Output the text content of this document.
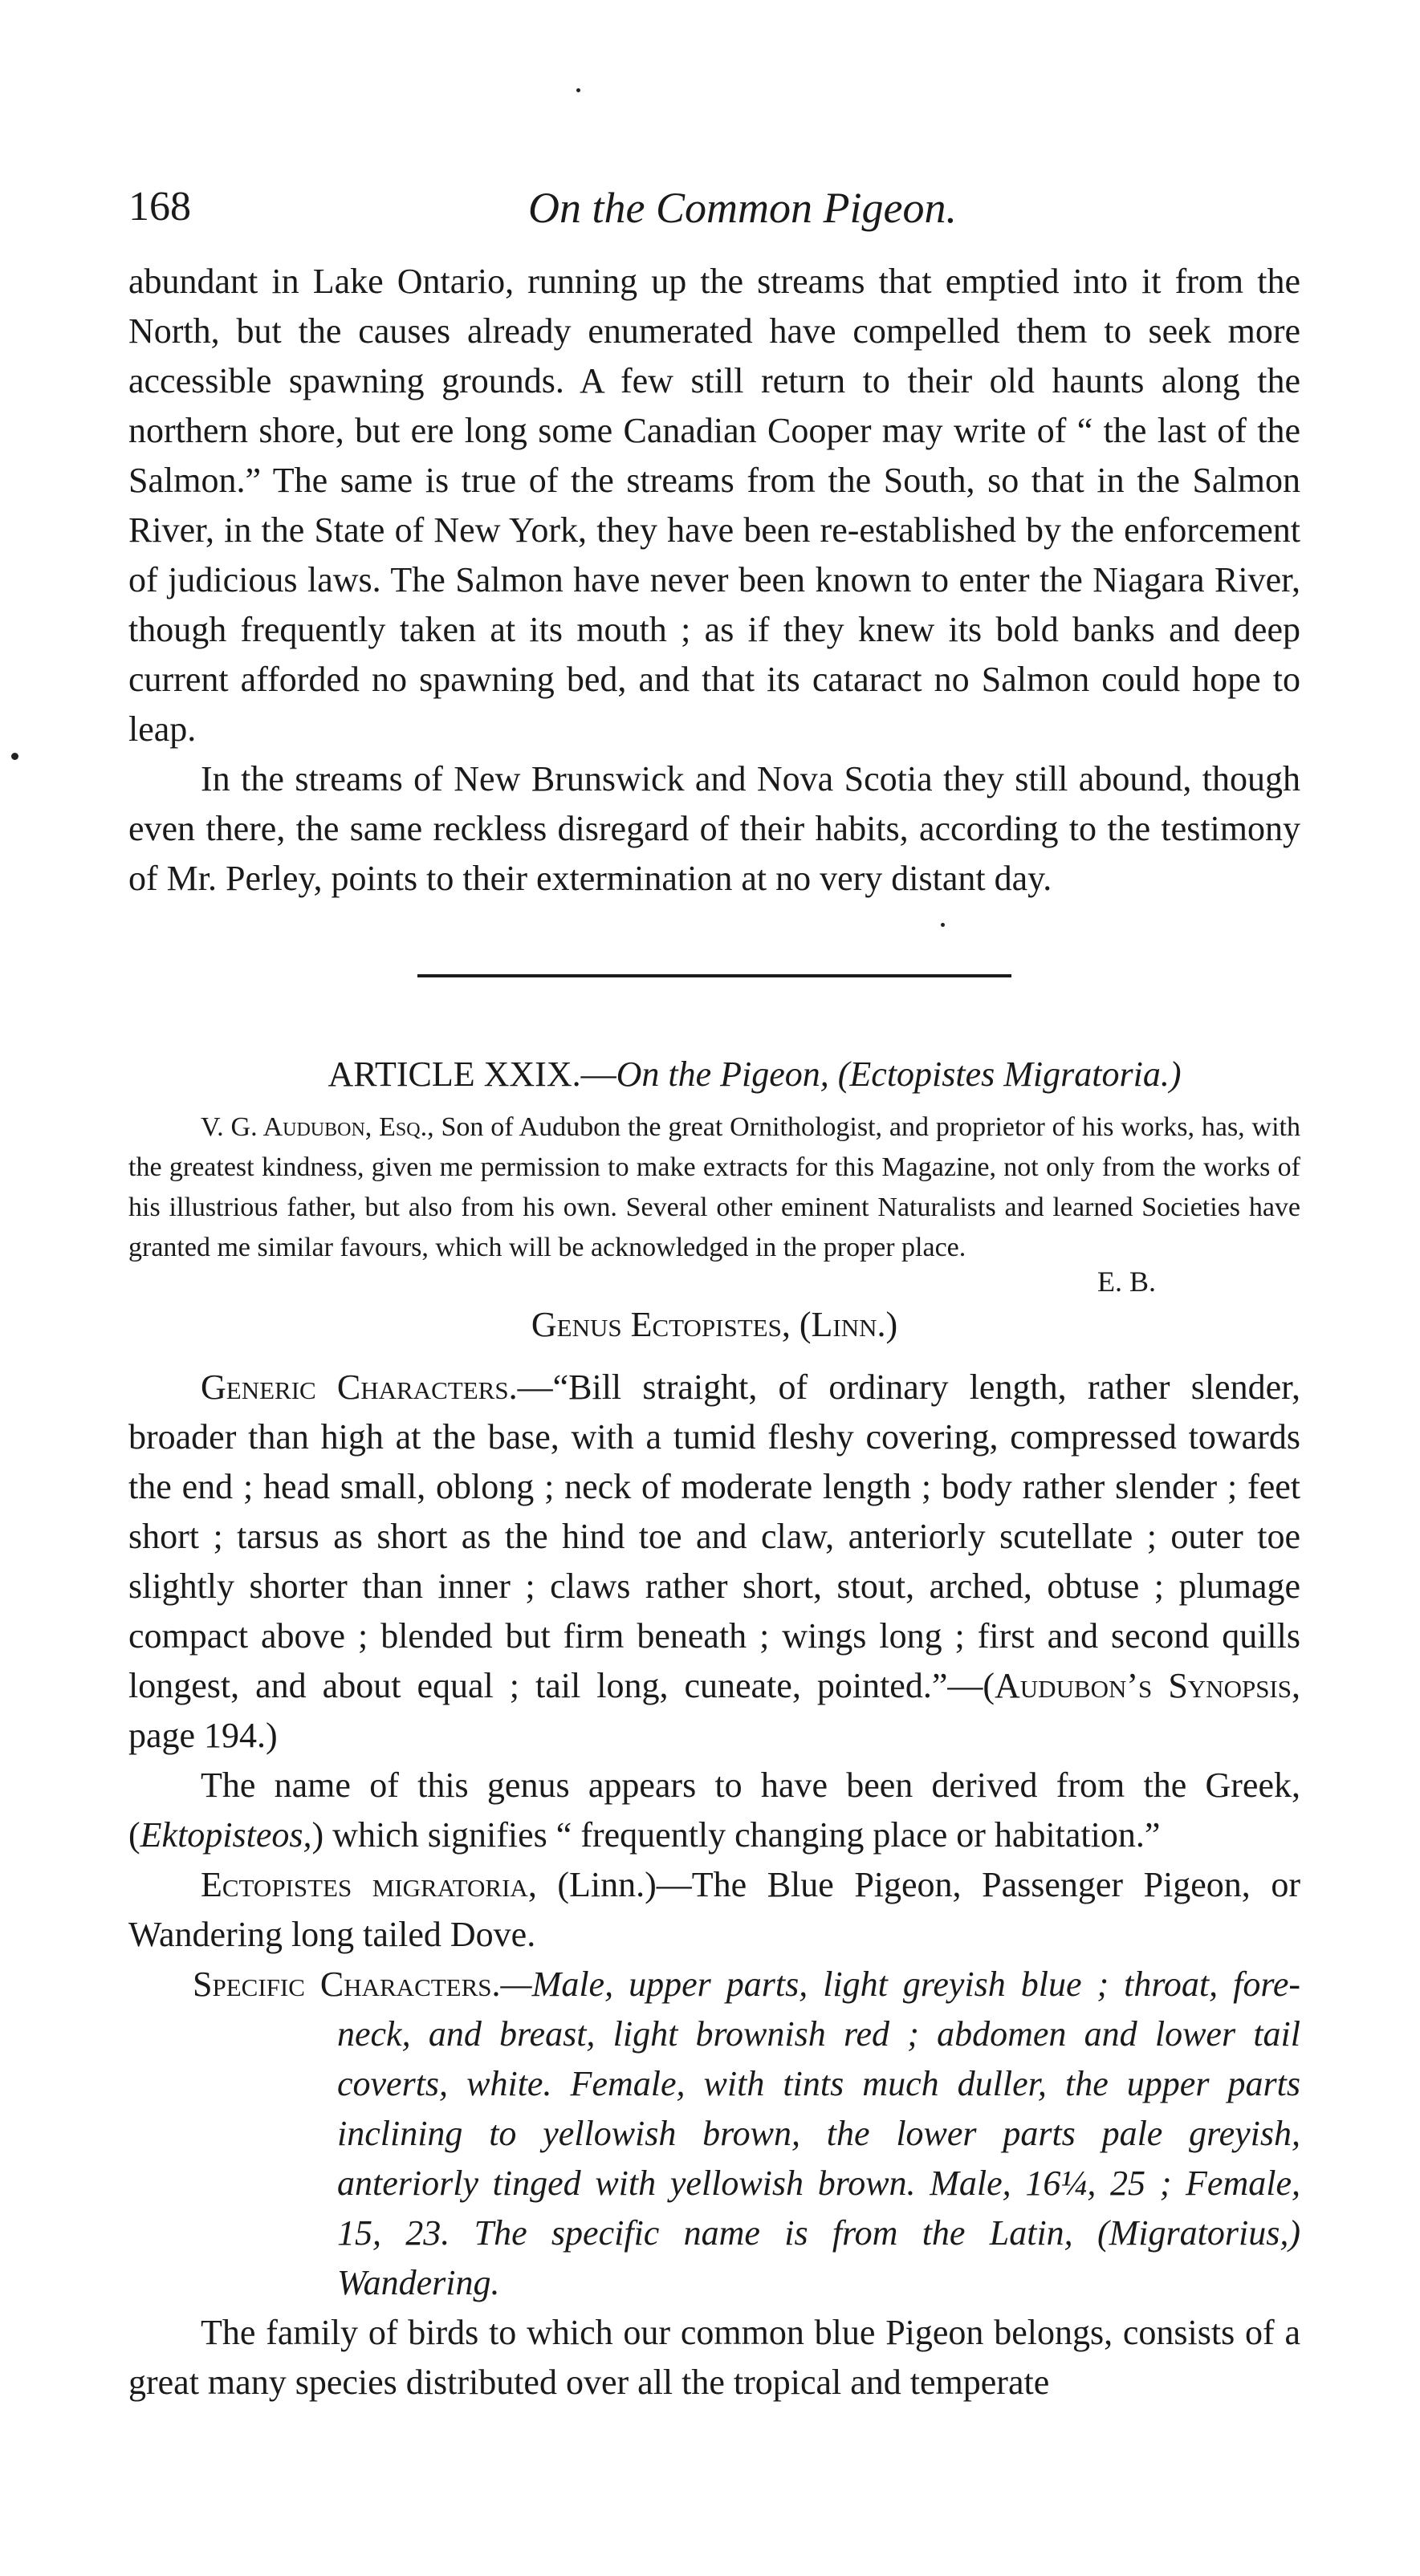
168	On the Common Pigeon.

abundant in Lake Ontario, running up the streams that emptied into it from the North, but the causes already enumerated have compelled them to seek more accessible spawning grounds. A few still return to their old haunts along the northern shore, but ere long some Canadian Cooper may write of “ the last of the Salmon.” The same is true of the streams from the South, so that in the Salmon River, in the State of New York, they have been re-established by the enforcement of judicious laws. The Salmon have never been known to enter the Niagara River, though frequently taken at its mouth ; as if they knew its bold banks and deep current afforded no spawning bed, and that its cataract no Salmon could hope to leap.

In the streams of New Brunswick and Nova Scotia they still abound, though even there, the same reckless disregard of their habits, according to the testimony of Mr. Perley, points to their extermination at no very distant day.

ARTICLE XXIX.—On the Pigeon, (Ectopistes Migratoria.)

V. G. Audubon, Esq., Son of Audubon the great Ornithologist, and proprietor of his works, has, with the greatest kindness, given me permission to make extracts for this Magazine, not only from the works of his illustrious father, but also from his own. Several other eminent Naturalists and learned Societies have granted me similar favours, which will be acknowledged in the proper place.

E. B.
Genus Ectopistes, (Linn.)

Generic Characters.—“Bill straight, of ordinary length, rather slender, broader than high at the base, with a tumid fleshy covering, compressed towards the end ; head small, oblong ; neck of moderate length ; body rather slender ; feet short ; tarsus as short as the hind toe and claw, anteriorly scutellate ; outer toe slightly shorter than inner ; claws rather short, stout, arched, obtuse ; plumage compact above ; blended but firm beneath ; wings long ; first and second quills longest, and about equal ; tail long, cuneate, pointed.”—(Audubon’s Synopsis, page 194.)

The name of this genus appears to have been derived from the Greek, (Ektopisteos,) which signifies “ frequently changing place or habitation.”

Ectopistes migratoria, (Linn.)—The Blue Pigeon, Passenger Pigeon, or Wandering long tailed Dove.

Specific Characters.—Male, upper parts, light greyish blue ; throat, fore-neck, and breast, light brownish red ; abdomen and lower tail coverts, white. Female, with tints much duller, the upper parts inclining to yellowish brown, the lower parts pale greyish, anteriorly tinged with yellowish brown. Male, 16¼, 25 ; Female, 15, 23. The specific name is from the Latin, (Migratorius,) Wandering.

The family of birds to which our common blue Pigeon belongs, consists of a great many species distributed over all the tropical and temperate
